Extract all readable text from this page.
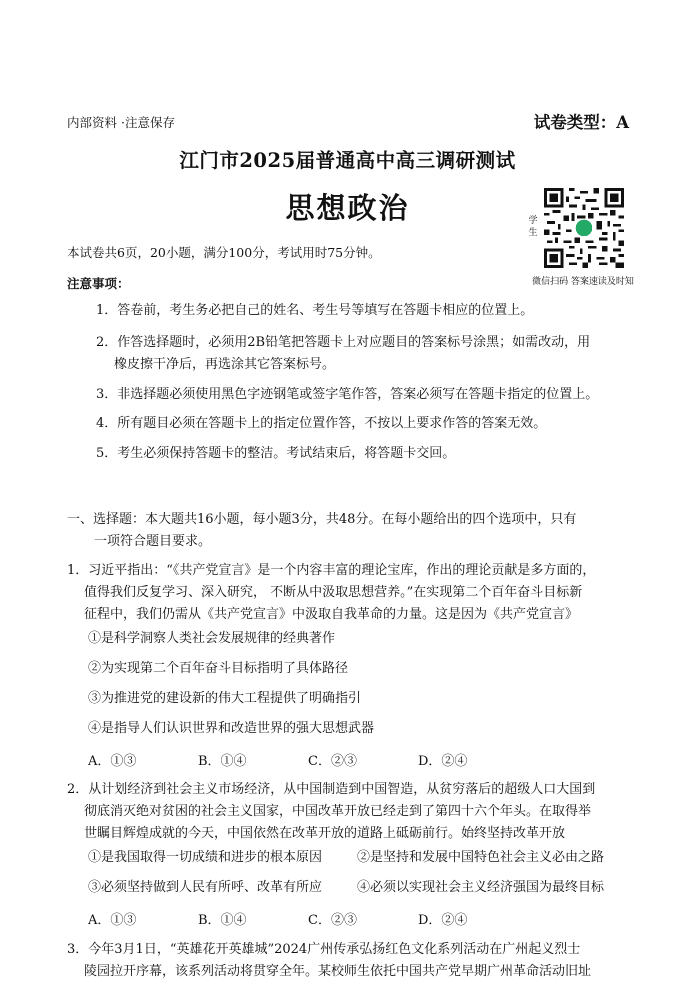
内部资料 ·注意保存	试卷类型：A
江门市2025届普通高中高三调研测试
思想政治	学生
微信扫码 答案速读及时知
本试卷共6页，20小题，满分100分，考试用时75分钟。
注意事项：
1．答卷前，考生务必把自己的姓名、考生号等填写在答题卡相应的位置上。
2．作答选择题时，必须用2B铅笔把答题卡上对应题目的答案标号涂黑；如需改动，用
橡皮擦干净后，再选涂其它答案标号。
3．非选择题必须使用黑色字迹钢笔或签字笔作答，答案必须写在答题卡指定的位置上。
4．所有题目必须在答题卡上的指定位置作答，不按以上要求作答的答案无效。
5．考生必须保持答题卡的整洁。考试结束后，将答题卡交回。
一、选择题：本大题共16小题，每小题3分，共48分。在每小题给出的四个选项中，只有
一项符合题目要求。
1．习近平指出：“《共产党宣言》是一个内容丰富的理论宝库，作出的理论贡献是多方面的，
值得我们反复学习、深入研究， 不断从中汲取思想营养。”在实现第二个百年奋斗目标新
征程中，我们仍需从《共产党宣言》中汲取自我革命的力量。这是因为《共产党宣言》
①是科学洞察人类社会发展规律的经典著作
②为实现第二个百年奋斗目标指明了具体路径
③为推进党的建设新的伟大工程提供了明确指引
④是指导人们认识世界和改造世界的强大思想武器
A．①③	B．①④	C．②③	D．②④
2．从计划经济到社会主义市场经济，从中国制造到中国智造，从贫穷落后的超级人口大国到
彻底消灭绝对贫困的社会主义国家，中国改革开放已经走到了第四十六个年头。在取得举
世瞩目辉煌成就的今天，中国依然在改革开放的道路上砥砺前行。始终坚持改革开放
①是我国取得一切成绩和进步的根本原因	②是坚持和发展中国特色社会主义必由之路
③必须坚持做到人民有所呼、改革有所应	④必须以实现社会主义经济强国为最终目标
A．①③	B．①④	C．②③	D．②④
3．今年3月1日，“英雄花开英雄城”2024广州传承弘扬红色文化系列活动在广州起义烈士
陵园拉开序幕，该系列活动将贯穿全年。某校师生依托中国共产党早期广州革命活动旧址
